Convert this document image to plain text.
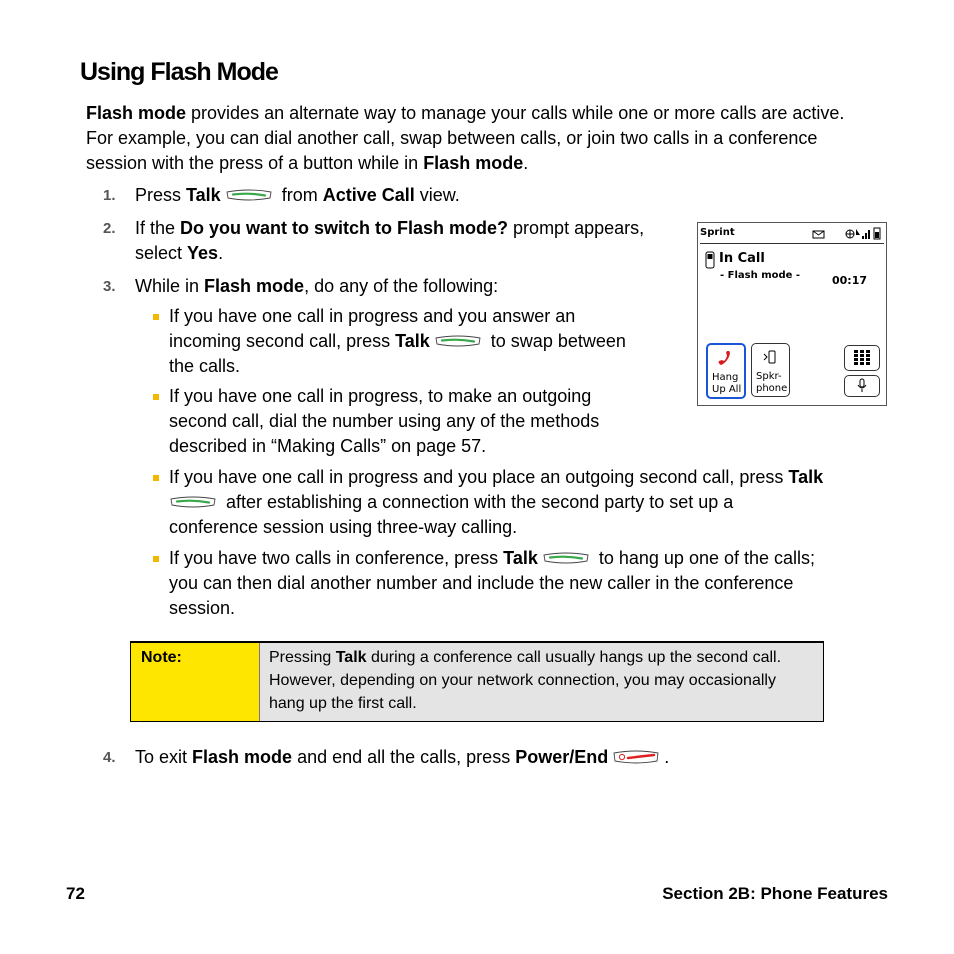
Using Flash Mode

Flash mode provides an alternate way to manage your calls while one or more calls are active. For example, you can dial another call, swap between calls, or join two calls in a conference session with the press of a button while in Flash mode.

1. Press Talk	from Active Call view.
2. If the Do you want to switch to Flash mode? prompt appears,
select Yes.
3. While in Flash mode, do any of the following:
If you have one call in progress and you answer an
incoming second call, press Talk	to swap between
the calls.
If you have one call in progress, to make an outgoing
second call, dial the number using any of the methods
described in “Making Calls” on page 57.
If you have one call in progress and you place an outgoing second call, press Talk
after establishing a connection with the second party to set up a
conference session using three-way calling.
If you have two calls in conference, press Talk	to hang up one of the calls;
you can then dial another number and include the new caller in the conference
session.
Sprint
In Call
- Flash mode -	00:17
Hang
Up All
Spkr-
phone
Note:	Pressing Talk during a conference call usually hangs up the second call.
However, depending on your network connection, you may occasionally
hang up the first call.
4. To exit Flash mode and end all the calls, press Power/End	.
72	Section 2B: Phone Features
